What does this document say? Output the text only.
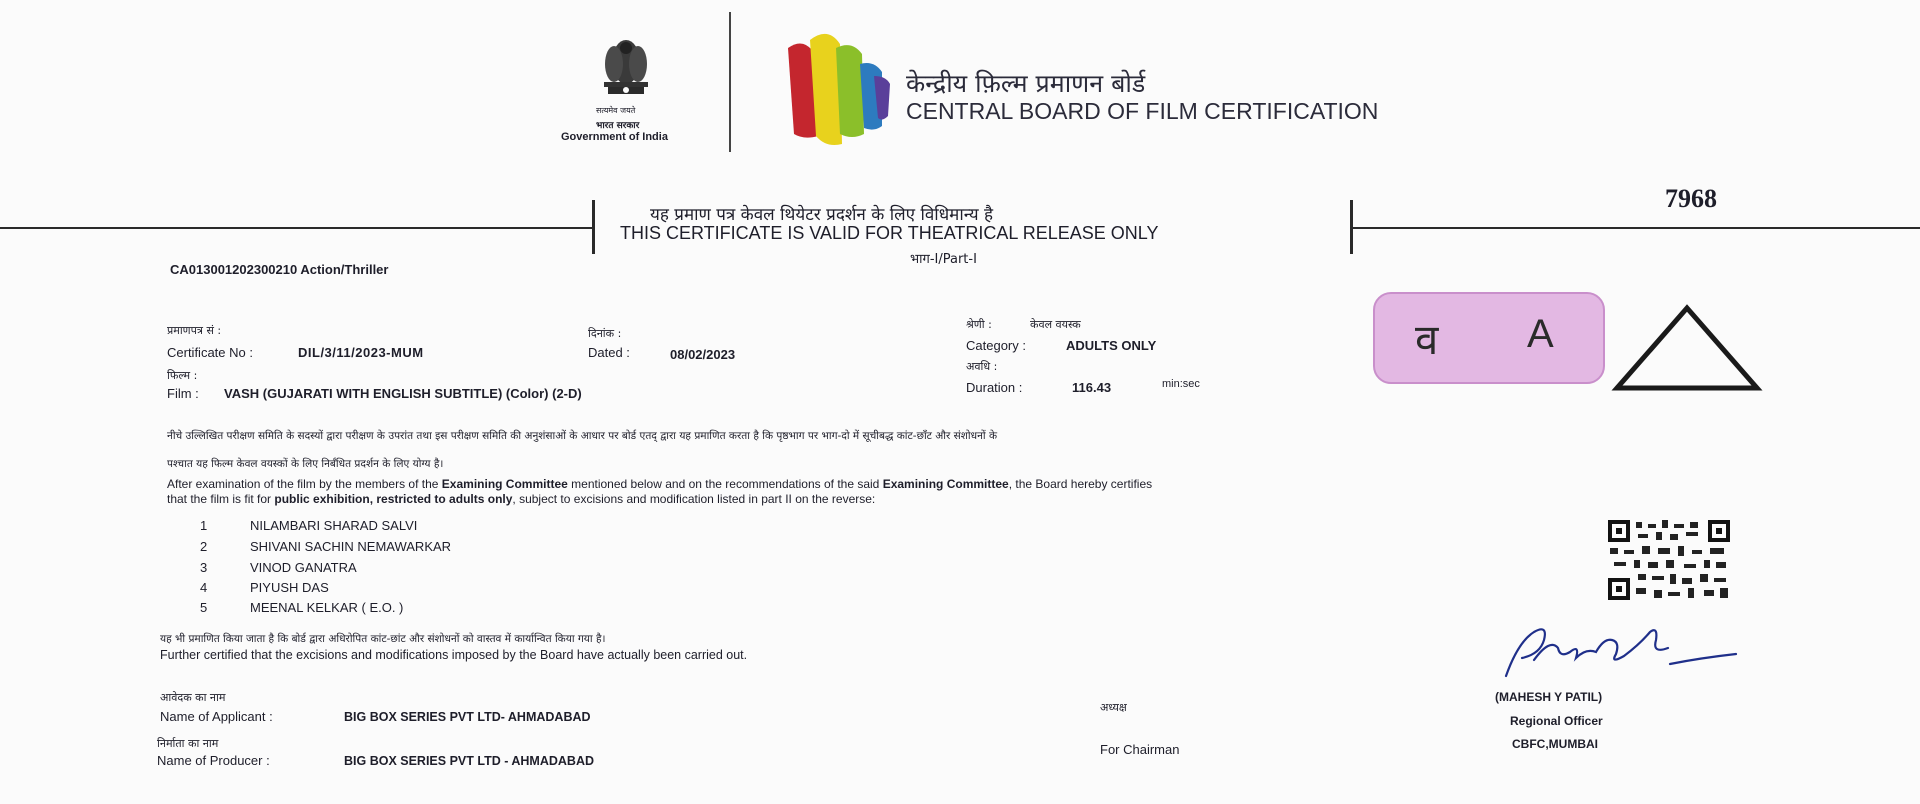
सत्यमेव जयते
भारत सरकार
Government of India
केन्द्रीय फ़िल्म प्रमाणन बोर्ड
CENTRAL BOARD OF FILM CERTIFICATION
यह प्रमाण पत्र केवल थियेटर प्रदर्शन के लिए विधिमान्य है
THIS CERTIFICATE IS VALID FOR THEATRICAL RELEASE ONLY
भाग-I/Part-I
7968
CA013001202300210 Action/Thriller
प्रमाणपत्र सं :
Certificate No :	DIL/3/11/2023-MUM
दिनांक :
Dated :	08/02/2023
फिल्म :
Film : VASH (GUJARATI WITH ENGLISH SUBTITLE) (Color) (2-D)
श्रेणी :	केवल वयस्क
Category :	ADULTS ONLY
अवधि :
Duration :	116.43	min:sec
व A
नीचे उल्लिखित परीक्षण समिति के सदस्यों द्वारा परीक्षण के उपरांत तथा इस परीक्षण समिति की अनुशंसाओं के आधार पर बोर्ड एतद् द्वारा यह प्रमाणित करता है कि पृष्ठभाग पर भाग-दो में सूचीबद्ध कांट-छाँट और संशोधनों के
पश्चात यह फिल्म केवल वयस्कों के लिए निर्बंधित प्रदर्शन के लिए योग्य है।
After examination of the film by the members of the Examining Committee mentioned below and on the recommendations of the said Examining Committee, the Board hereby certifies
that the film is fit for public exhibition, restricted to adults only, subject to excisions and modification listed in part II on the reverse:
1	NILAMBARI SHARAD SALVI
2	SHIVANI SACHIN NEMAWARKAR
3	VINOD GANATRA
4	PIYUSH DAS
5	MEENAL KELKAR ( E.O. )
यह भी प्रमाणित किया जाता है कि बोर्ड द्वारा अधिरोपित कांट-छांट और संशोधनों को वास्तव में कार्यान्वित किया गया है।
Further certified that the excisions and modifications imposed by the Board have actually been carried out.
आवेदक का नाम
Name of Applicant :	BIG BOX SERIES PVT LTD- AHMADABAD
निर्माता का नाम
Name of Producer :	BIG BOX SERIES PVT LTD - AHMADABAD
अध्यक्ष
For Chairman
(MAHESH Y PATIL)
Regional Officer
CBFC,MUMBAI
